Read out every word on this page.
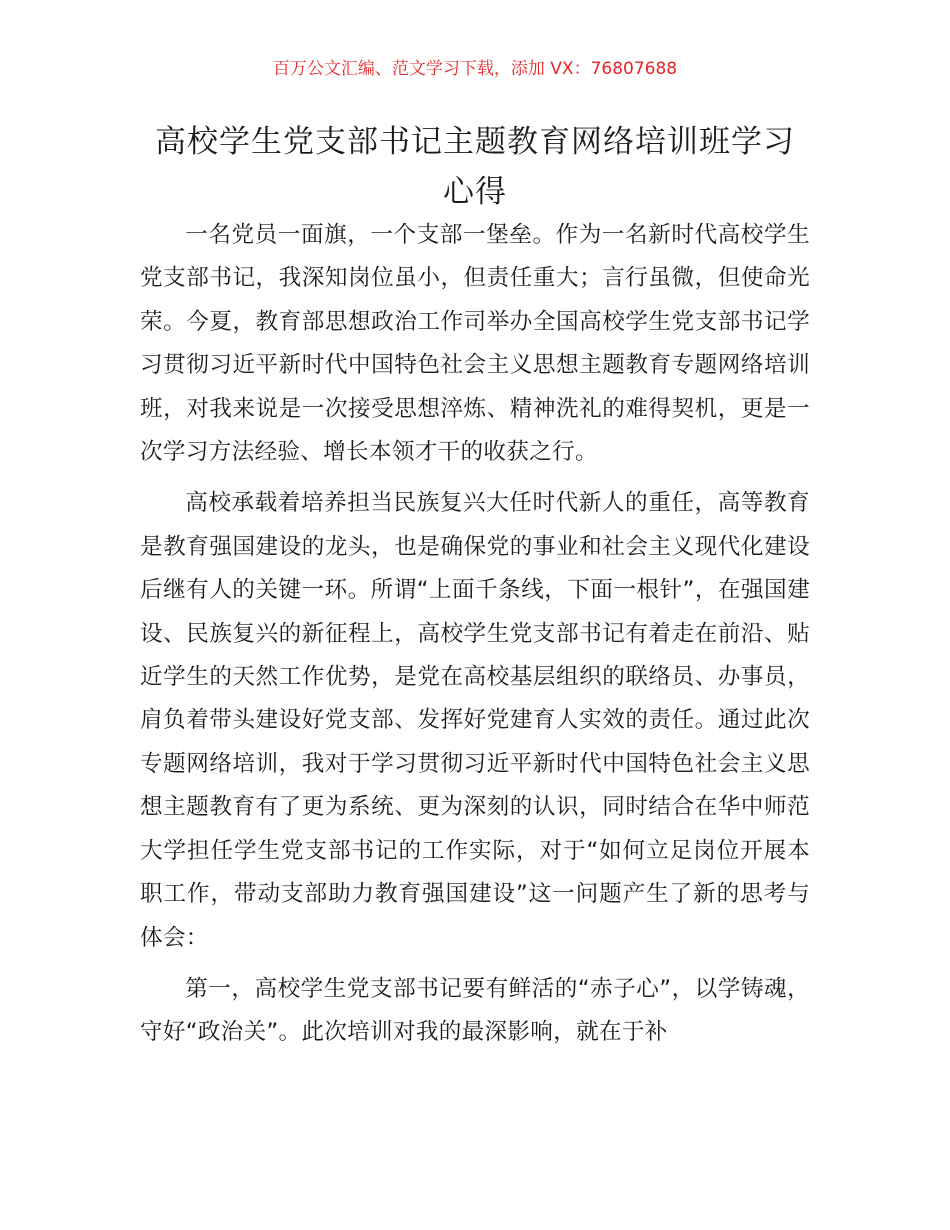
百万公文汇编、范文学习下载，添加 VX：76807688
高校学生党支部书记主题教育网络培训班学习心得

一名党员一面旗，一个支部一堡垒。作为一名新时代高校学生党支部书记，我深知岗位虽小，但责任重大；言行虽微，但使命光荣。今夏，教育部思想政治工作司举办全国高校学生党支部书记学习贯彻习近平新时代中国特色社会主义思想主题教育专题网络培训班，对我来说是一次接受思想淬炼、精神洗礼的难得契机，更是一次学习方法经验、增长本领才干的收获之行。

高校承载着培养担当民族复兴大任时代新人的重任，高等教育是教育强国建设的龙头，也是确保党的事业和社会主义现代化建设后继有人的关键一环。所谓“上面千条线，下面一根针”，在强国建设、民族复兴的新征程上，高校学生党支部书记有着走在前沿、贴近学生的天然工作优势，是党在高校基层组织的联络员、办事员，肩负着带头建设好党支部、发挥好党建育人实效的责任。通过此次专题网络培训，我对于学习贯彻习近平新时代中国特色社会主义思想主题教育有了更为系统、更为深刻的认识，同时结合在华中师范大学担任学生党支部书记的工作实际，对于“如何立足岗位开展本职工作，带动支部助力教育强国建设”这一问题产生了新的思考与体会：

第一，高校学生党支部书记要有鲜活的“赤子心”，以学铸魂，守好“政治关”。此次培训对我的最深影响，就在于补
